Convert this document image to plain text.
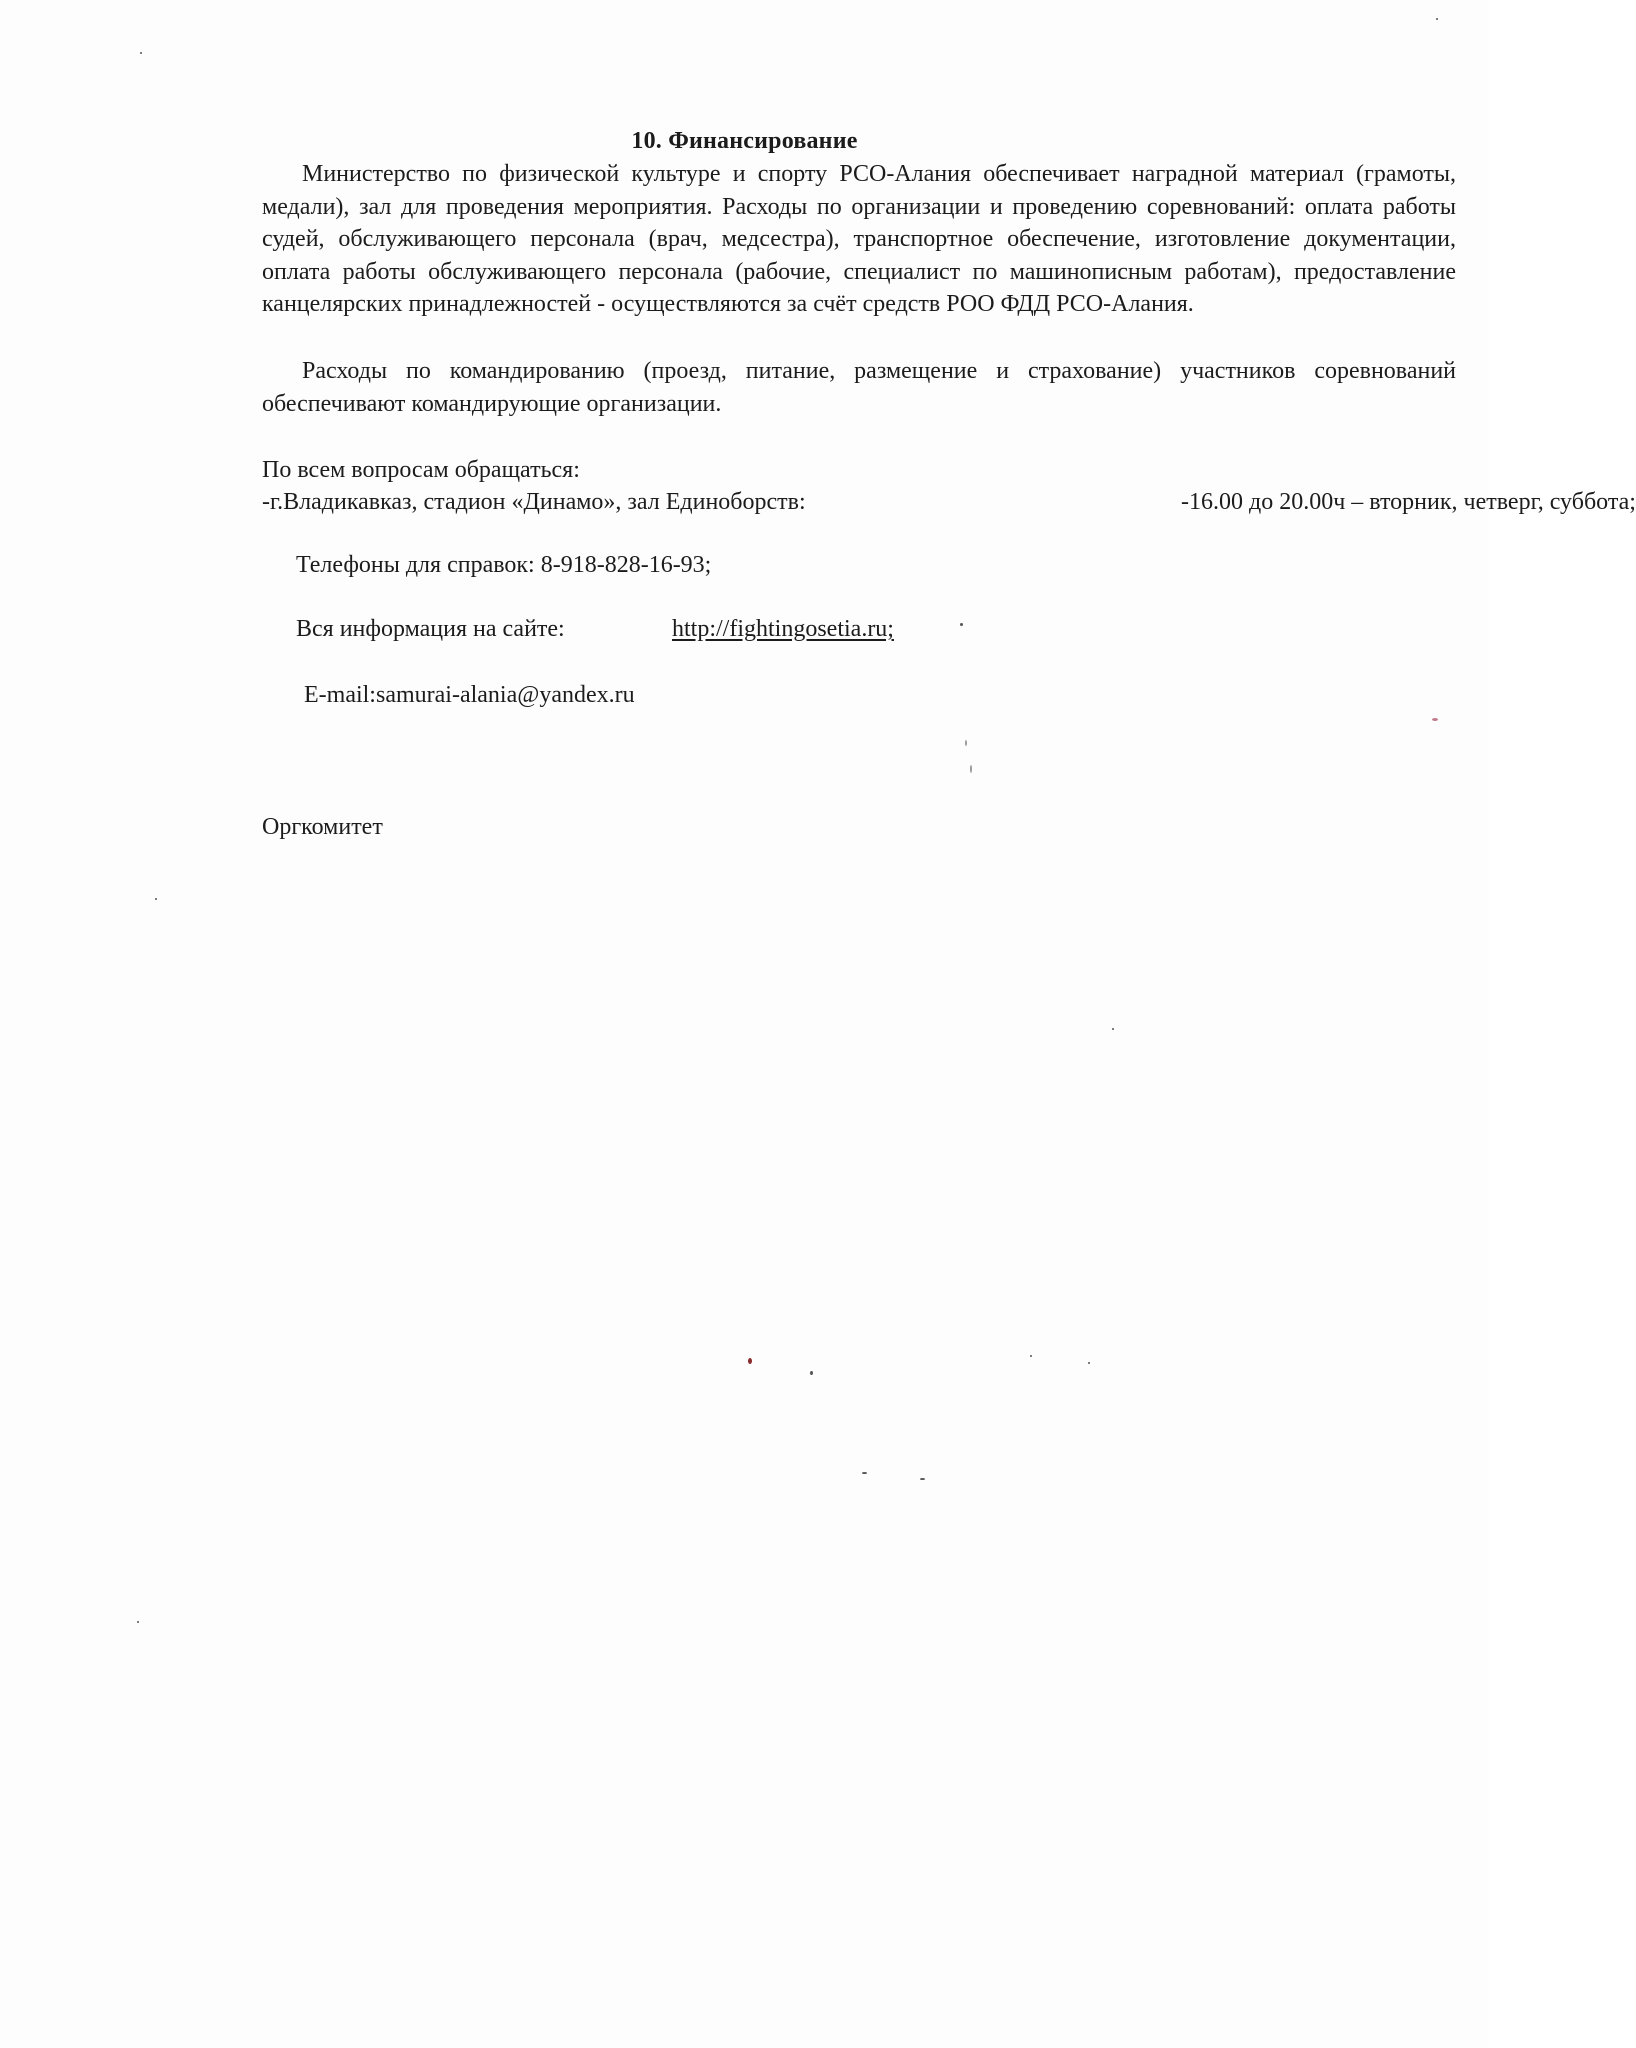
10. Финансирование
Министерство по физической культуре и спорту РСО-Алания обеспечивает наградной материал (грамоты, медали), зал для проведения мероприятия. Расходы по организации и проведению соревнований: оплата работы судей, обслуживающего персонала (врач, медсестра), транспортное обеспечение, изготовление документации, оплата работы обслуживающего персонала (рабочие, специалист по машинописным работам), предоставление канцелярских принадлежностей - осуществляются за счёт средств РОО ФДД РСО-Алания.
Расходы по командированию (проезд, питание, размещение и страхование) участников соревнований обеспечивают командирующие организации.
По всем вопросам обращаться:
-г.Владикавказ, стадион «Динамо», зал Единоборств:	-16.00 до 20.00ч – вторник, четверг, суббота;
Телефоны для справок: 8-918-828-16-93;
Вся информация на сайте:	http://fightingosetia.ru;
E-mail:samurai-alania@yandex.ru
Оргкомитет
